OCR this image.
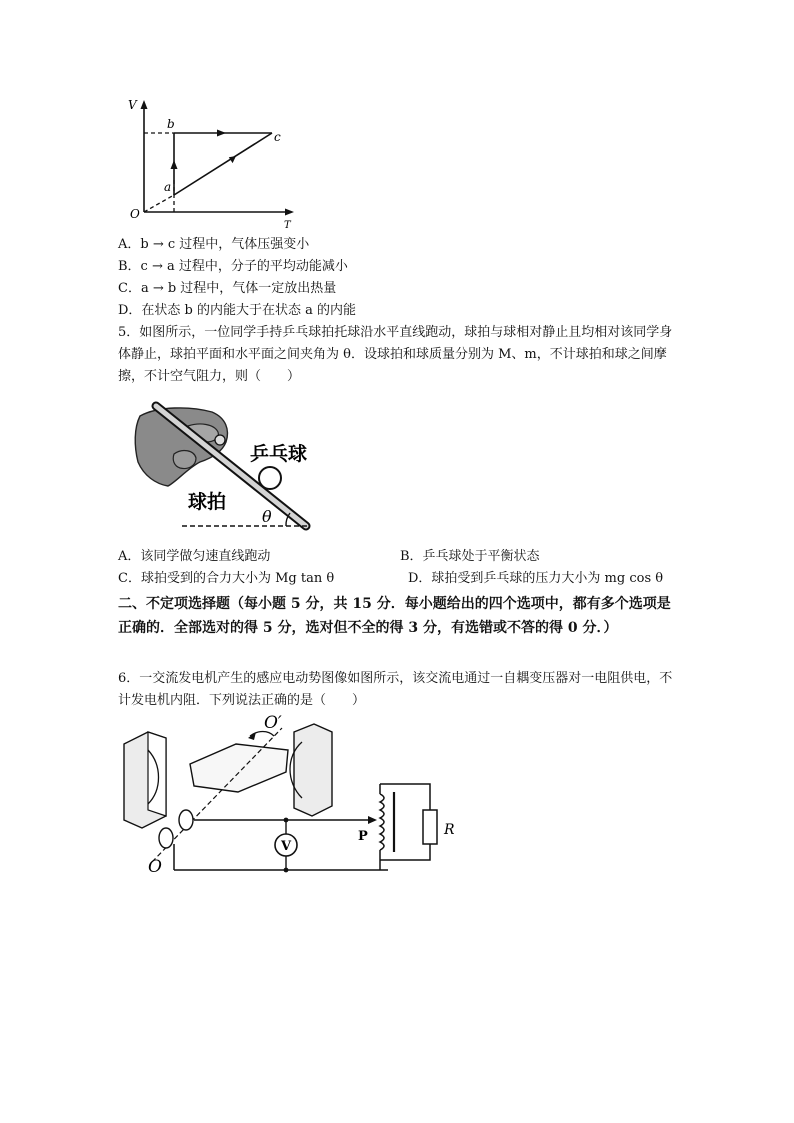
V
T
O
a
b
c
A．b → c 过程中，气体压强变小
B．c → a 过程中，分子的平均动能减小
C．a → b 过程中，气体一定放出热量
D．在状态 b 的内能大于在状态 a 的内能
5．如图所示，一位同学手持乒乓球拍托球沿水平直线跑动，球拍与球相对静止且均相对该同学身体静止，球拍平面和水平面之间夹角为 θ．设球拍和球质量分别为 M、m，不计球拍和球之间摩擦，不计空气阻力，则（　　）
乒乓球
球拍
θ
A．该同学做匀速直线跑动	B．乒乓球处于平衡状态
C．球拍受到的合力大小为 Mg tan θ	D．球拍受到乒乓球的压力大小为 mg cos θ
二、不定项选择题（每小题 5 分，共 15 分．每小题给出的四个选项中，都有多个选项是正确的．全部选对的得 5 分，选对但不全的得 3 分，有选错或不答的得 0 分．）
6．一交流发电机产生的感应电动势图像如图所示，该交流电通过一自耦变压器对一电阻供电，不计发电机内阻．下列说法正确的是（　　）
V
P	R
O′
O
